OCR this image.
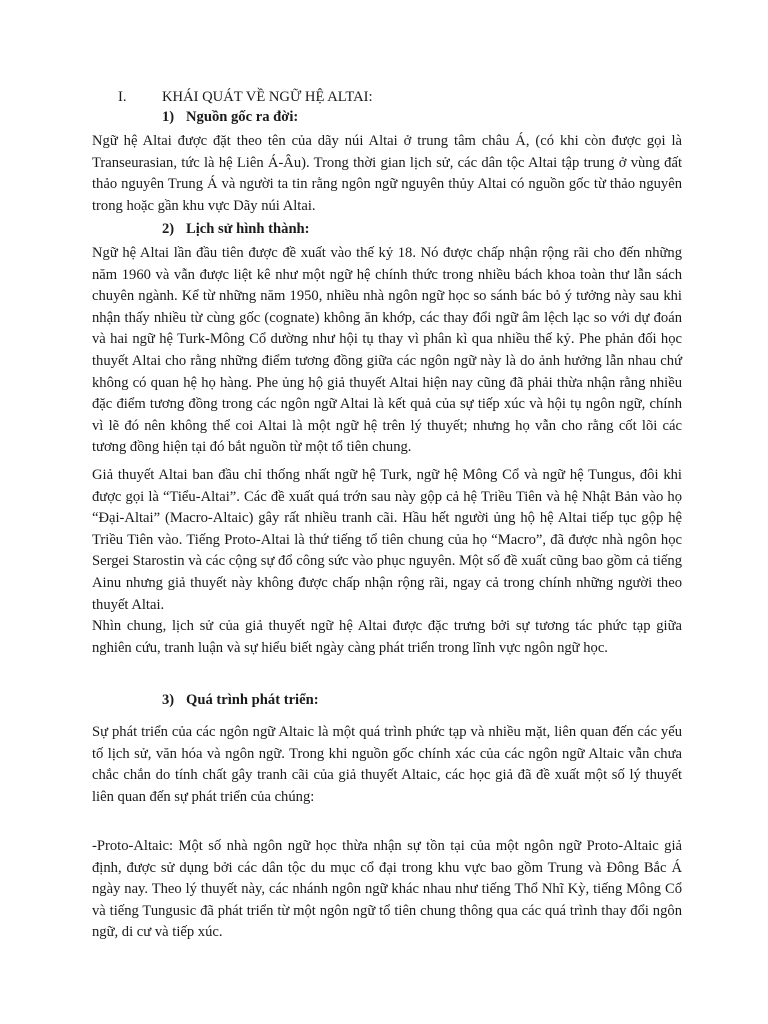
I. KHÁI QUÁT VỀ NGỮ HỆ ALTAI:
1) Nguồn gốc ra đời:

Ngữ hệ Altai được đặt theo tên của dãy núi Altai ở trung tâm châu Á, (có khi còn được gọi là Transeurasian, tức là hệ Liên Á-Âu). Trong thời gian lịch sử, các dân tộc Altai tập trung ở vùng đất thảo nguyên Trung Á và người ta tin rằng ngôn ngữ nguyên thủy Altai có nguồn gốc từ thảo nguyên trong hoặc gần khu vực Dãy núi Altai.

2) Lịch sử hình thành:

Ngữ hệ Altai lần đầu tiên được đề xuất vào thế kỷ 18. Nó được chấp nhận rộng rãi cho đến những năm 1960 và vẫn được liệt kê như một ngữ hệ chính thức trong nhiều bách khoa toàn thư lẫn sách chuyên ngành. Kể từ những năm 1950, nhiều nhà ngôn ngữ học so sánh bác bỏ ý tưởng này sau khi nhận thấy nhiều từ cùng gốc (cognate) không ăn khớp, các thay đổi ngữ âm lệch lạc so với dự đoán và hai ngữ hệ Turk-Mông Cổ dường như hội tụ thay vì phân kì qua nhiều thế kỷ. Phe phản đối học thuyết Altai cho rằng những điểm tương đồng giữa các ngôn ngữ này là do ảnh hưởng lẫn nhau chứ không có quan hệ họ hàng. Phe ủng hộ giả thuyết Altai hiện nay cũng đã phải thừa nhận rằng nhiều đặc điểm tương đồng trong các ngôn ngữ Altai là kết quả của sự tiếp xúc và hội tụ ngôn ngữ, chính vì lẽ đó nên không thể coi Altai là một ngữ hệ trên lý thuyết; nhưng họ vẫn cho rằng cốt lõi các tương đồng hiện tại đó bắt nguồn từ một tổ tiên chung.

Giả thuyết Altai ban đầu chỉ thống nhất ngữ hệ Turk, ngữ hệ Mông Cổ và ngữ hệ Tungus, đôi khi được gọi là “Tiểu-Altai”. Các đề xuất quá trớn sau này gộp cả hệ Triều Tiên và hệ Nhật Bản vào họ “Đại-Altai” (Macro-Altaic) gây rất nhiều tranh cãi. Hầu hết người ủng hộ hệ Altai tiếp tục gộp hệ Triều Tiên vào. Tiếng Proto-Altai là thứ tiếng tổ tiên chung của họ “Macro”, đã được nhà ngôn học Sergei Starostin và các cộng sự đổ công sức vào phục nguyên. Một số đề xuất cũng bao gồm cả tiếng Ainu nhưng giả thuyết này không được chấp nhận rộng rãi, ngay cả trong chính những người theo thuyết Altai.

Nhìn chung, lịch sử của giả thuyết ngữ hệ Altai được đặc trưng bởi sự tương tác phức tạp giữa nghiên cứu, tranh luận và sự hiểu biết ngày càng phát triển trong lĩnh vực ngôn ngữ học.

3) Quá trình phát triển:

Sự phát triển của các ngôn ngữ Altaic là một quá trình phức tạp và nhiều mặt, liên quan đến các yếu tố lịch sử, văn hóa và ngôn ngữ. Trong khi nguồn gốc chính xác của các ngôn ngữ Altaic vẫn chưa chắc chắn do tính chất gây tranh cãi của giả thuyết Altaic, các học giả đã đề xuất một số lý thuyết liên quan đến sự phát triển của chúng:

-Proto-Altaic: Một số nhà ngôn ngữ học thừa nhận sự tồn tại của một ngôn ngữ Proto-Altaic giả định, được sử dụng bởi các dân tộc du mục cổ đại trong khu vực bao gồm Trung và Đông Bắc Á ngày nay. Theo lý thuyết này, các nhánh ngôn ngữ khác nhau như tiếng Thổ Nhĩ Kỳ, tiếng Mông Cổ và tiếng Tungusic đã phát triển từ một ngôn ngữ tổ tiên chung thông qua các quá trình thay đổi ngôn ngữ, di cư và tiếp xúc.
